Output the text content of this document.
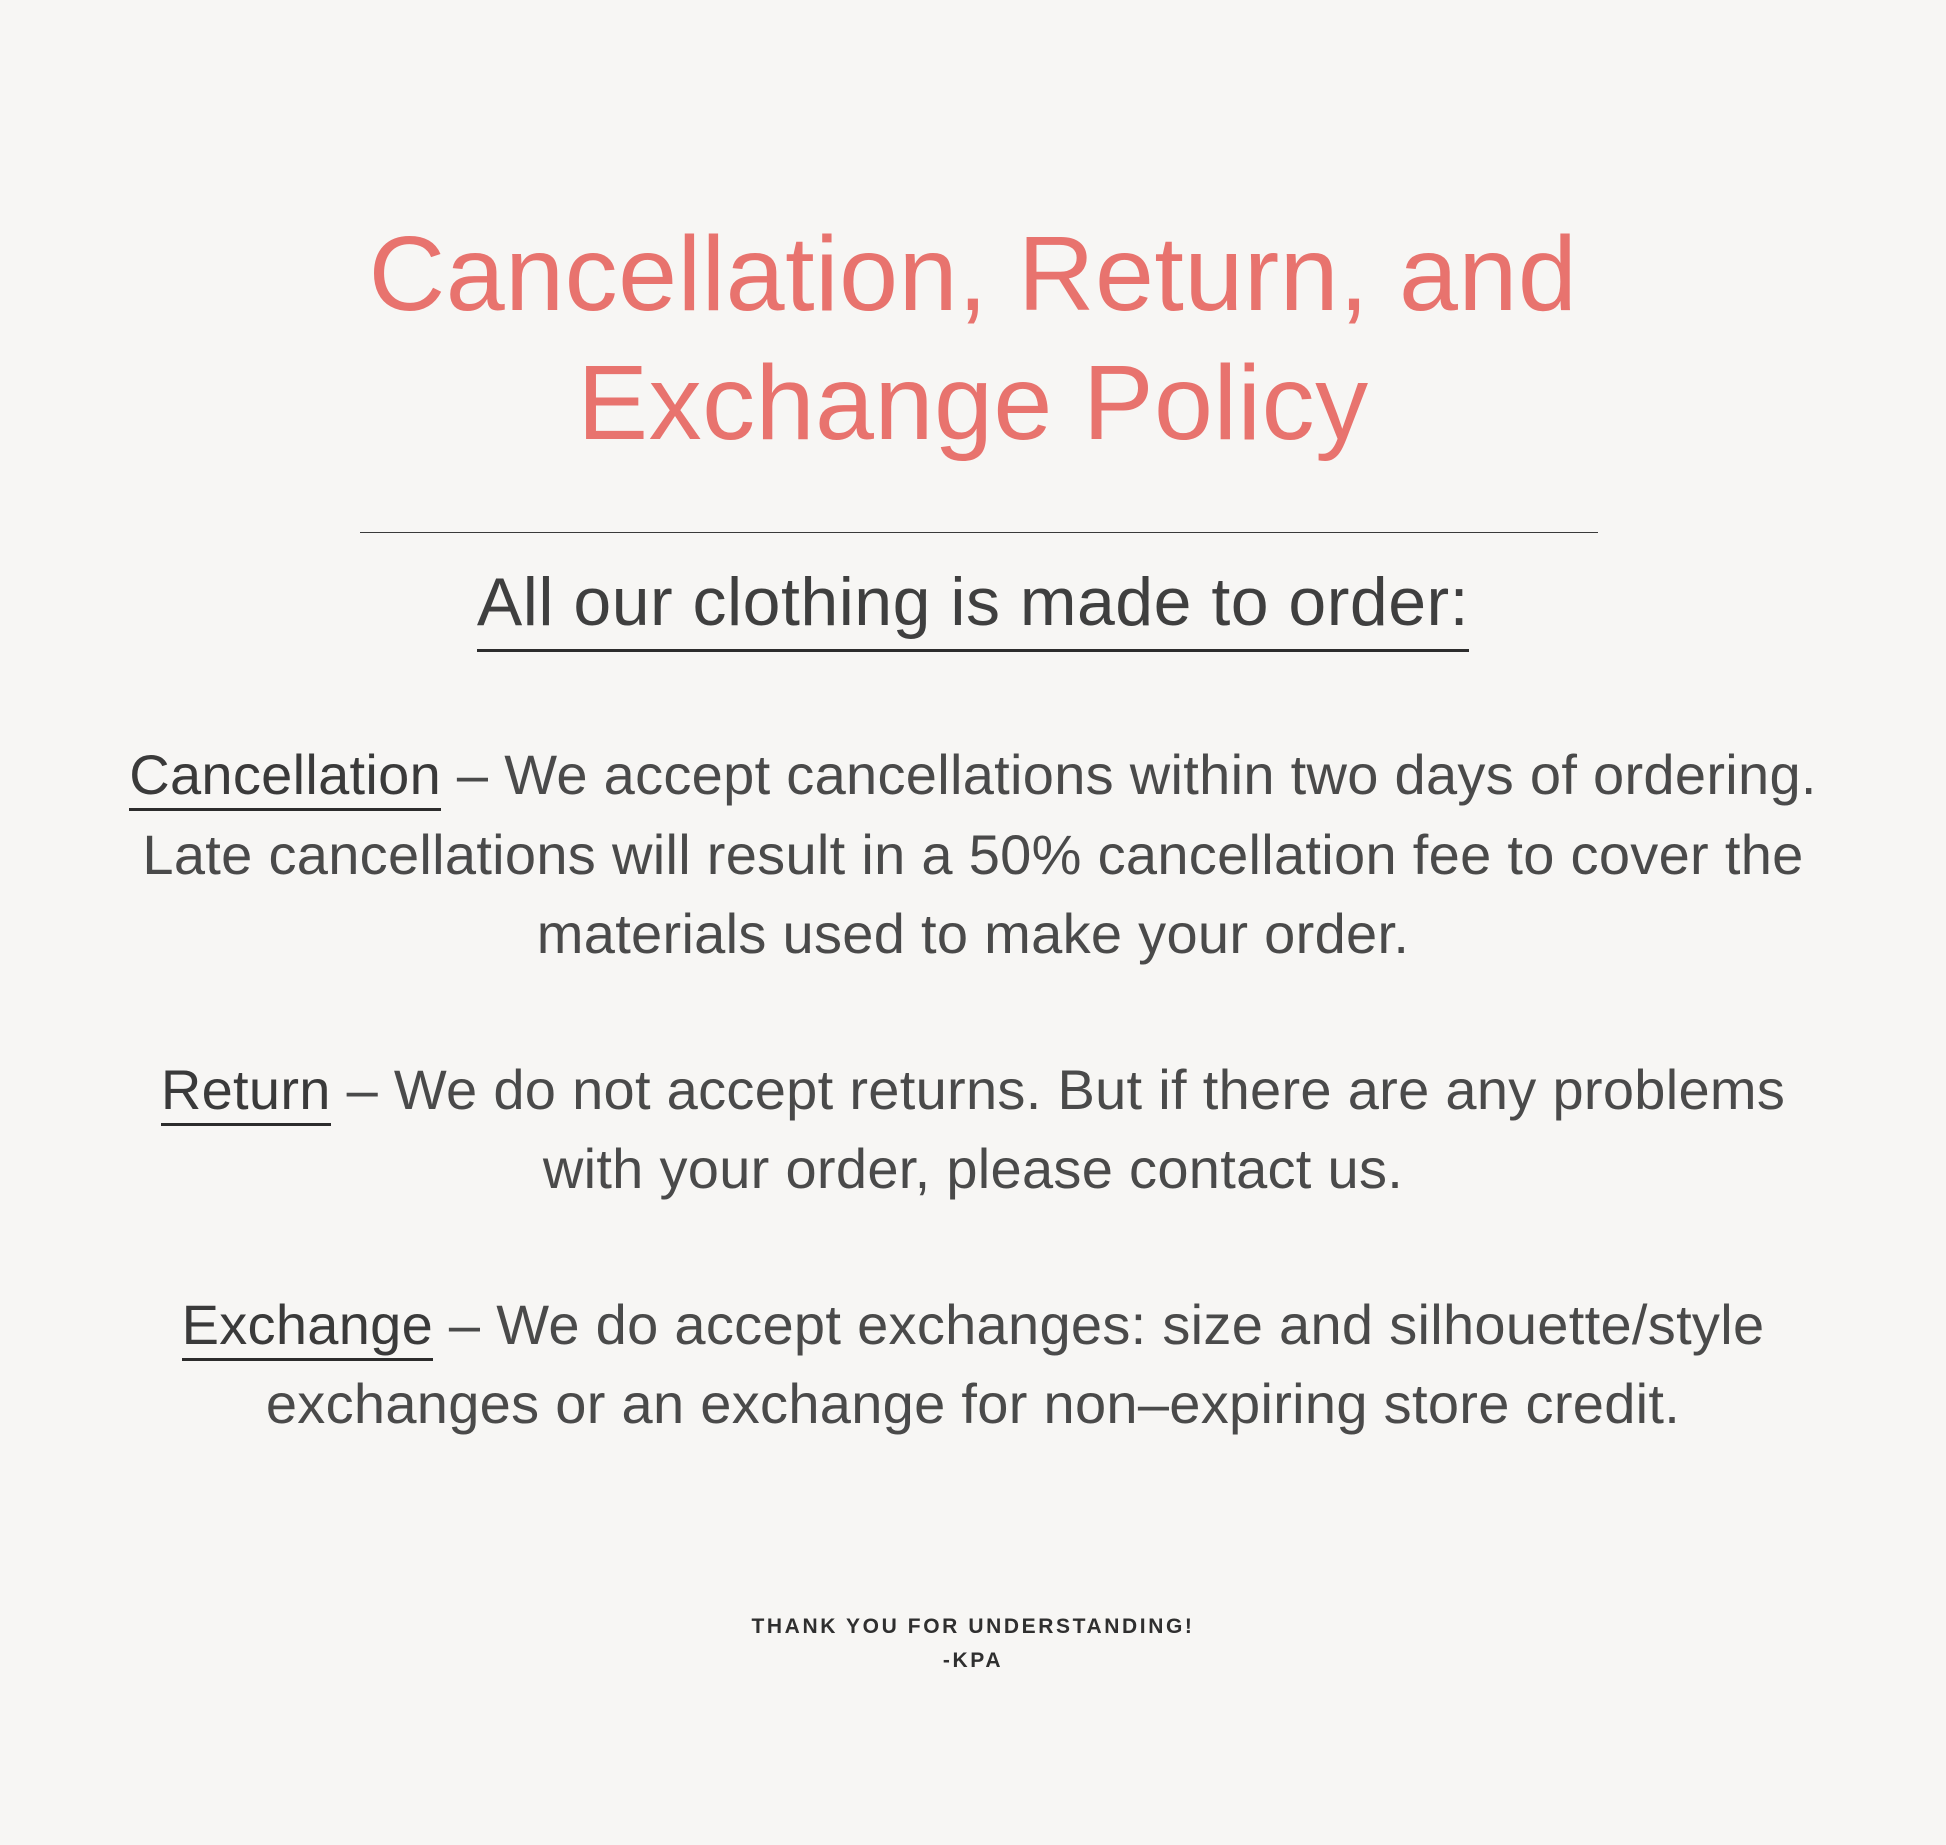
Cancellation, Return, and Exchange Policy
All our clothing is made to order:

Cancellation – We accept cancellations within two days of ordering. Late cancellations will result in a 50% cancellation fee to cover the materials used to make your order.

Return – We do not accept returns. But if there are any problems with your order, please contact us.

Exchange – We do accept exchanges: size and silhouette/style exchanges or an exchange for non–expiring store credit.

THANK YOU FOR UNDERSTANDING!

-KPA
